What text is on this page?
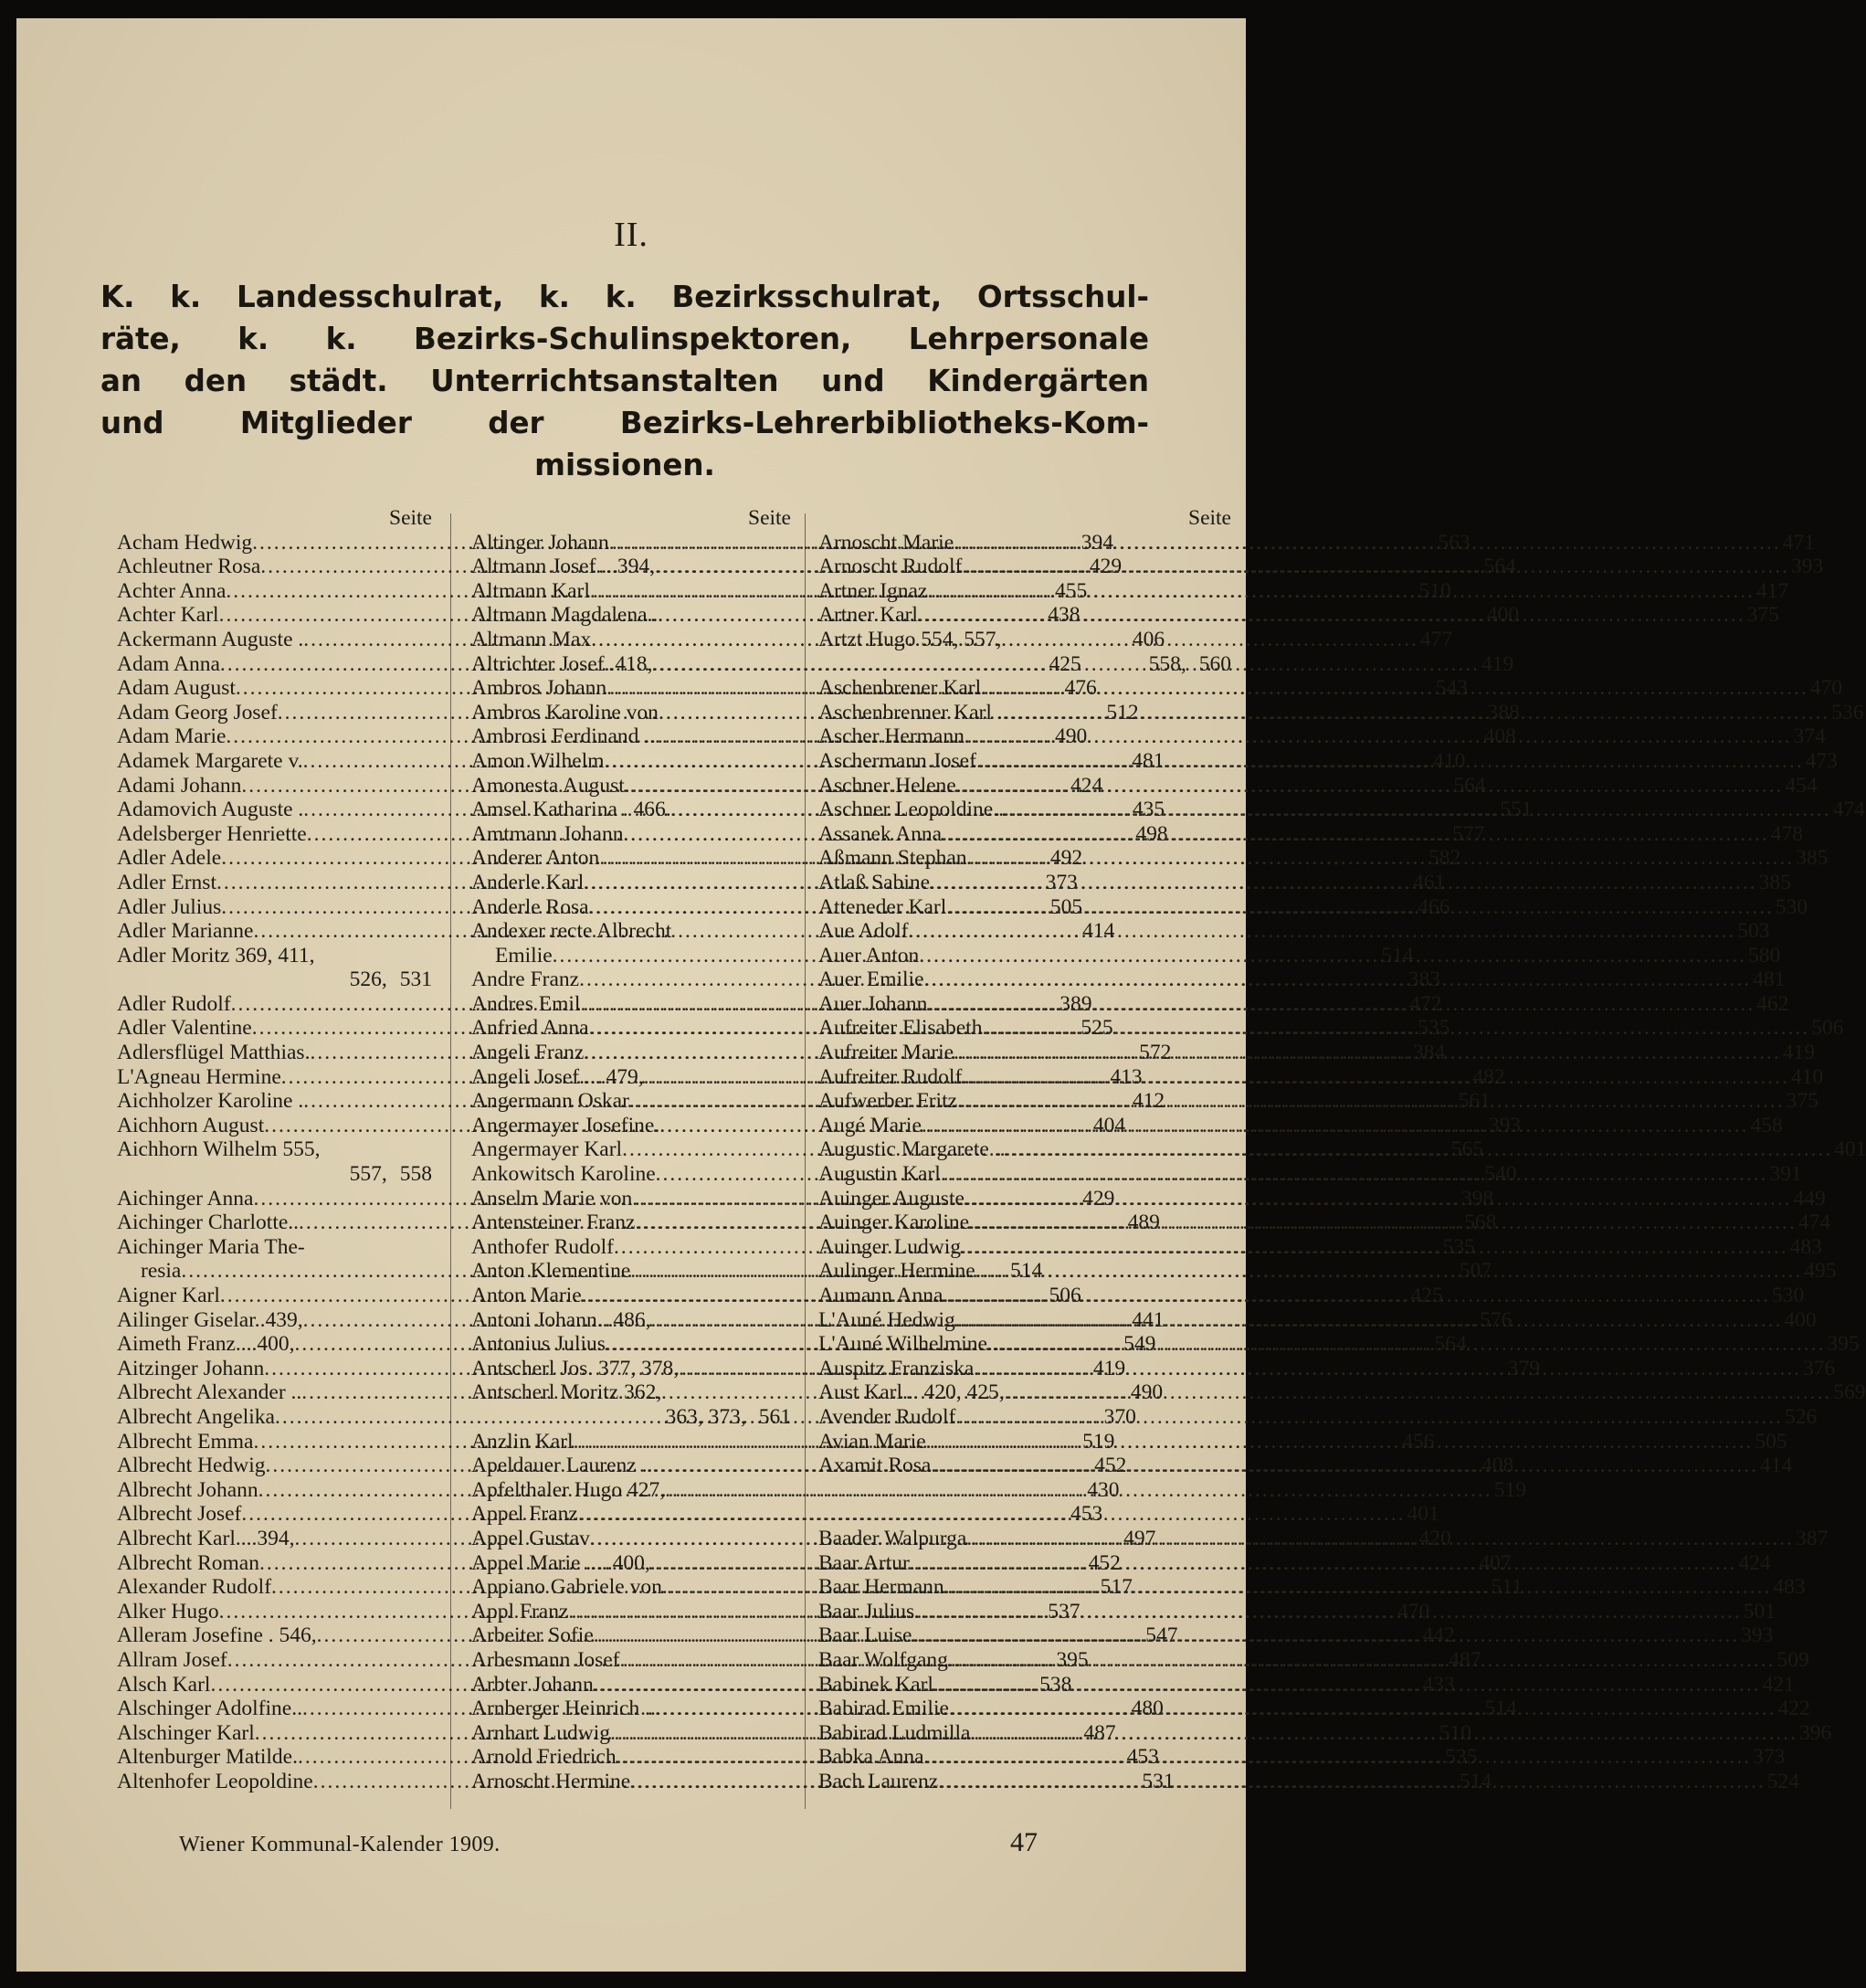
II.
K. k. Landesschulrat, k. k. Bezirksschulrat, Ortsschul-
räte, k. k. Bezirks-Schulinspektoren, Lehrpersonale
an den städt. Unterrichtsanstalten und Kindergärten
und Mitglieder der Bezirks-Lehrerbibliotheks-Kom-
missionen.
Seite
Acham Hedwig .....	394
Achleutner Rosa .....	429
Achter Anna .....	455
Achter Karl .....	438
Ackermann Auguste . .....	406
Adam Anna .....	425
Adam August .....	476
Adam Georg Josef .....	512
Adam Marie .....	490
Adamek Margarete v. .....	481
Adami Johann .....	424
Adamovich Auguste . .....	435
Adelsberger Henriette .....	498
Adler Adele .....	492
Adler Ernst .....	373
Adler Julius .....	505
Adler Marianne .....	414
Adler Moritz 369, 411,
526, 531
Adler Rudolf .....	389
Adler Valentine .....	525
Adlersflügel Matthias. .....	572
L'Agneau Hermine .....	413
Aichholzer Karoline . .....	412
Aichhorn August .....	404
Aichhorn Wilhelm 555,
557, 558
Aichinger Anna .....	429
Aichinger Charlotte.. .....	489
Aichinger Maria The-
resia .....	514
Aigner Karl .....	506
Ailinger Giselar..439, .....	441
Aimeth Franz....400, .....	549
Aitzinger Johann .....	419
Albrecht Alexander .. .....	490
Albrecht Angelika .....	370
Albrecht Emma .....	519
Albrecht Hedwig .....	452
Albrecht Johann .....	430
Albrecht Josef .....	453
Albrecht Karl....394, .....	497
Albrecht Roman .....	452
Alexander Rudolf .....	517
Alker Hugo .....	537
Alleram Josefine . 546, .....	547
Allram Josef .....	395
Alsch Karl .....	538
Alschinger Adolfine.. .....	480
Alschinger Karl .....	487
Altenburger Matilde. .....	453
Altenhofer Leopoldine .....	531
Seite
Altinger Johann .....	563
Altmann Josef....394, .....	564
Altmann Karl .....	510
Altmann Magdalena.. .....	400
Altmann Max .....	477
Altrichter Josef..418, .....	419
Ambros Johann .....	543
Ambros Karoline von .....	388
Ambrosi Ferdinand .. .....	408
Amon Wilhelm .....	410
Amonesta August .....	564
Amsel Katharina . 466. .....	551
Amtmann Johann .....	577
Anderer Anton .....	582
Anderle Karl .....	461
Anderle Rosa .....	466
Andexer recte Albrecht
Emilie .....	514
Andre Franz .....	383
Andres Emil .....	472
Anfried Anna .....	535
Angeli Franz .....	384
Angeli Josef.....479, .....	482
Angermann Oskar .....	561
Angermayer Josefine. .....	393
Angermayer Karl .....	565
Ankowitsch Karoline .....	540
Anselm Marie von .....	398
Antensteiner Franz .....	568
Anthofer Rudolf .....	535
Anton Klementine .....	507
Anton Marie .....	425
Antoni Johann...486, .....	576
Antonius Julius .....	564
Antscherl Jos. 377, 378, .....	379
Antscherl Moritz 362,
363, 373, 561
Anzlin Karl .....	456
Apeldauer Laurenz .. .....	408
Apfelthaler Hugo 427, .....	519
Appel Franz .....	401
Appel Gustav .....	420
Appel Marie .....400, .....	407
Appiano Gabriele von .....	511
Appl Franz .....	470
Arbeiter Sofie .....	442
Arbesmann Josef .....	487
Arbter Johann .....	433
Arnberger Heinrich .. .....	514
Arnhart Ludwig .....	510
Arnold Friedrich .....	535
Arnoscht Hermine .....	514
Seite
Arnoscht Marie .....	471
Arnoscht Rudolf .....	393
Artner Ignaz .....	417
Artner Karl .....	375
Artzt Hugo 554, 557,
558, 560
Aschenbrener Karl .....	470
Aschenbrenner Karl . .....	536
Ascher Hermann .....	374
Aschermann Josef .....	473
Aschner Helene .....	454
Aschner Leopoldine.. .....	474
Assanek Anna .....	478
Aßmann Stephan .....	385
Atlaß Sabine .....	385
Atteneder Karl .....	530
Aue Adolf .....	503
Auer Anton .....	580
Auer Emilie .....	481
Auer Johann .....	462
Aufreiter Elisabeth .....	506
Aufreiter Marie .....	419
Aufreiter Rudolf .....	410
Aufwerber Fritz .....	375
Augé Marie .....	458
Augustic Margarete .. .....	401
Augustin Karl .....	391
Auinger Auguste .....	449
Auinger Karoline .....	474
Auinger Ludwig .....	483
Aulinger Hermine .....	495
Aumann Anna .....	530
L'Auné Hedwig .....	400
L'Auné Wilhelmine.. .....	395
Auspitz Franziska .....	376
Aust Karl... 420, 425, .....	569
Avender Rudolf .....	526
Avian Marie .....	505
Axamit Rosa .....	414
Baader Walpurga .....	387
Baar Artur .....	424
Baar Hermann .....	483
Baar Julius .....	501
Baar Luise .....	393
Baar Wolfgang .....	509
Babinek Karl .....	421
Babirad Emilie .....	422
Babirad Ludmilla .....	396
Babka Anna .....	373
Bach Laurenz .....	524
Wiener Kommunal-Kalender 1909.	47
